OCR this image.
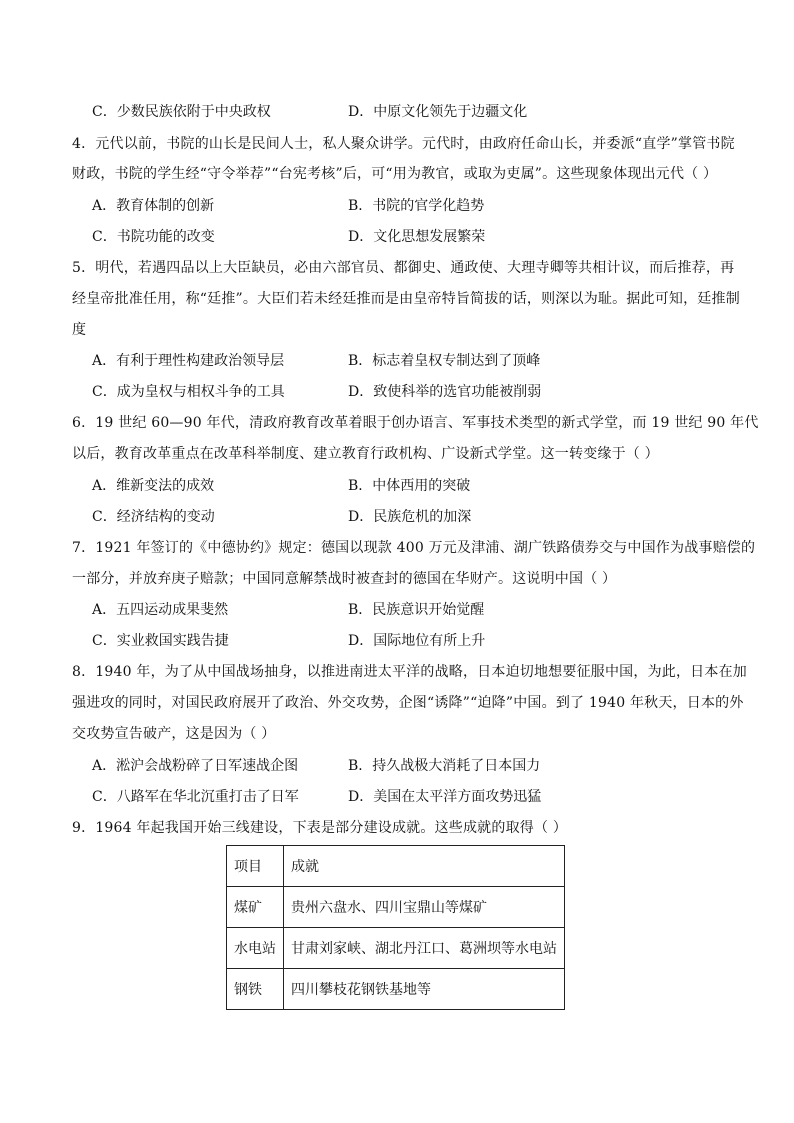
C．少数民族依附于中央政权	D．中原文化领先于边疆文化
4．元代以前，书院的山长是民间人士，私人聚众讲学。元代时，由政府任命山长，并委派“直学”掌管书院
财政，书院的学生经“守令举荐”“台宪考核”后，可“用为教官，或取为吏属”。这些现象体现出元代（ ）
A．教育体制的创新	B．书院的官学化趋势
C．书院功能的改变	D．文化思想发展繁荣
5．明代，若遇四品以上大臣缺员，必由六部官员、都御史、通政使、大理寺卿等共相计议，而后推荐，再
经皇帝批准任用，称“廷推”。大臣们若未经廷推而是由皇帝特旨简拔的话，则深以为耻。据此可知，廷推制
度
A．有利于理性构建政治领导层	B．标志着皇权专制达到了顶峰
C．成为皇权与相权斗争的工具	D．致使科举的选官功能被削弱
6．19 世纪 60—90 年代，清政府教育改革着眼于创办语言、军事技术类型的新式学堂，而 19 世纪 90 年代
以后，教育改革重点在改革科举制度、建立教育行政机构、广设新式学堂。这一转变缘于（ ）
A．维新变法的成效	B．中体西用的突破
C．经济结构的变动	D．民族危机的加深
7．1921 年签订的《中德协约》规定：德国以现款 400 万元及津浦、湖广铁路债券交与中国作为战事赔偿的
一部分，并放弃庚子赔款；中国同意解禁战时被查封的德国在华财产。这说明中国（ ）
A．五四运动成果斐然	B．民族意识开始觉醒
C．实业救国实践告捷	D．国际地位有所上升
8．1940 年，为了从中国战场抽身，以推进南进太平洋的战略，日本迫切地想要征服中国，为此，日本在加
强进攻的同时，对国民政府展开了政治、外交攻势，企图“诱降”“迫降”中国。到了 1940 年秋天，日本的外
交攻势宣告破产，这是因为（ ）
A．淞沪会战粉碎了日军速战企图	B．持久战极大消耗了日本国力
C．八路军在华北沉重打击了日军	D．美国在太平洋方面攻势迅猛
9．1964 年起我国开始三线建设，下表是部分建设成就。这些成就的取得（ ）
项目	成就
煤矿	贵州六盘水、四川宝鼎山等煤矿
水电站	甘肃刘家峡、湖北丹江口、葛洲坝等水电站
钢铁	四川攀枝花钢铁基地等
